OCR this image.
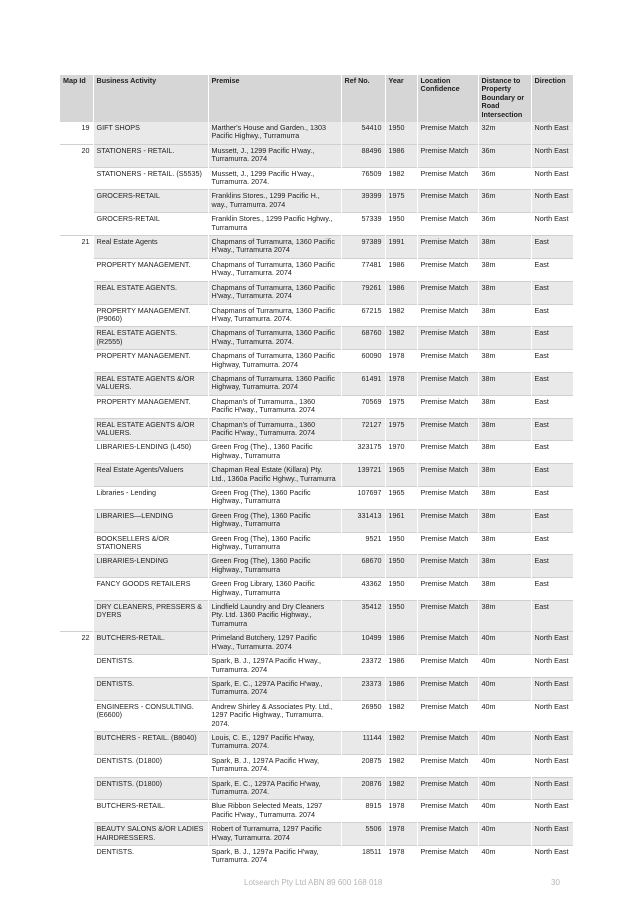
Map Id	Business Activity	Premise	Ref No.	Year	Location Confidence	Distance to Property Boundary or Road Intersection	Direction
19	GIFT SHOPS	Marther's House and Garden., 1303 Pacific Highwy., Turramurra	54410	1950	Premise Match	32m	North East
20	STATIONERS - RETAIL.	Mussett, J., 1299 Pacific H'way., Turramurra. 2074	88496	1986	Premise Match	36m	North East
	STATIONERS - RETAIL. (S5535)	Mussett, J., 1299 Pacific H'way., Turramurra. 2074.	76509	1982	Premise Match	36m	North East
	GROCERS-RETAIL	Franklins Stores., 1299 Pacific H., way., Turramurra. 2074	39399	1975	Premise Match	36m	North East
	GROCERS-RETAIL	Franklin Stores., 1299 Pacific Hghwy., Turramurra	57339	1950	Premise Match	36m	North East
21	Real Estate Agents	Chapmans of Turramurra, 1360 Pacific H'way., Turramurra 2074	97389	1991	Premise Match	38m	East
	PROPERTY MANAGEMENT.	Chapmans of Turramurra, 1360 Pacific H'way., Turramurra. 2074	77481	1986	Premise Match	38m	East
	REAL ESTATE AGENTS.	Chapmans of Turramurra, 1360 Pacific H'way., Turramurra. 2074	79261	1986	Premise Match	38m	East
	PROPERTY MANAGEMENT. (P9060)	Chapmans of Turramurra, 1360 Pacific H'way, Turramurra. 2074.	67215	1982	Premise Match	38m	East
	REAL ESTATE AGENTS. (R2555)	Chapmans of Turramurra, 1360 Pacific H'way., Turramurra. 2074.	68760	1982	Premise Match	38m	East
	PROPERTY MANAGEMENT.	Chapmans of Turramurra, 1360 Pacific Highway, Turramurra. 2074	60090	1978	Premise Match	38m	East
	REAL ESTATE AGENTS &/OR VALUERS.	Chapmans of Turramurra. 1360 Pacific Highway, Turramurra. 2074	61491	1978	Premise Match	38m	East
	PROPERTY MANAGEMENT.	Chapman's of Turramurra., 1360 Pacific H'way., Turramurra. 2074	70569	1975	Premise Match	38m	East
	REAL ESTATE AGENTS &/OR VALUERS.	Chapman's of Turramurra., 1360 Pacific H'way., Turramurra. 2074	72127	1975	Premise Match	38m	East
	LIBRARIES-LENDING (L450)	Green Frog (The)., 1360 Pacific Highway., Turramurra	323175	1970	Premise Match	38m	East
	Real Estate Agents/Valuers	Chapman Real Estate (Killara) Pty. Ltd., 1360a Pacific Hghwy., Turramurra	139721	1965	Premise Match	38m	East
	Libraries - Lending	Green Frog (The), 1360 Pacific Highway., Turramurra	107697	1965	Premise Match	38m	East
	LIBRARIES—LENDING	Green Frog (The), 1360 Pacific Highway., Turramurra	331413	1961	Premise Match	38m	East
	BOOKSELLERS &/OR STATIONERS	Green Frog (The), 1360 Pacific Highway., Turramurra	9521	1950	Premise Match	38m	East
	LIBRARIES-LENDING	Green Frog (The), 1360 Pacific Highway., Turramurra	68670	1950	Premise Match	38m	East
	FANCY GOODS RETAILERS	Green Frog Library, 1360 Pacific Highway., Turramurra	43362	1950	Premise Match	38m	East
	DRY CLEANERS, PRESSERS & DYERS	Lindfield Laundry and Dry Cleaners Pty. Ltd. 1360 Pacific Highway., Turramurra	35412	1950	Premise Match	38m	East
22	BUTCHERS-RETAIL.	Primeland Butchery, 1297 Pacific H'way., Turramurra. 2074	10499	1986	Premise Match	40m	North East
	DENTISTS.	Spark, B. J., 1297A Pacific H'way., Turramurra. 2074	23372	1986	Premise Match	40m	North East
	DENTISTS.	Spark, E. C., 1297A Pacific H'way., Turramurra. 2074	23373	1986	Premise Match	40m	North East
	ENGINEERS - CONSULTING. (E6600)	Andrew Shirley & Associates Pty. Ltd., 1297 Pacific Highway., Turramurra. 2074.	26950	1982	Premise Match	40m	North East
	BUTCHERS - RETAIL. (B8040)	Louis, C. E., 1297 Pacific H'way, Turramurra. 2074.	11144	1982	Premise Match	40m	North East
	DENTISTS. (D1800)	Spark, B. J., 1297A Pacific H'way, Turramurra. 2074.	20875	1982	Premise Match	40m	North East
	DENTISTS. (D1800)	Spark, E. C., 1297A Pacific H'way, Turramurra. 2074.	20876	1982	Premise Match	40m	North East
	BUTCHERS-RETAIL.	Blue Ribbon Selected Meats, 1297 Pacific H'way., Turramurra. 2074	8915	1978	Premise Match	40m	North East
	BEAUTY SALONS &/OR LADIES HAIRDRESSERS.	Robert of Turramurra, 1297 Pacific H'way, Turramurra. 2074	5506	1978	Premise Match	40m	North East
	DENTISTS.	Spark, B. J., 1297a Pacific H'way, Turramurra. 2074	18511	1978	Premise Match	40m	North East
Lotsearch Pty Ltd ABN 89 600 168 018	30
